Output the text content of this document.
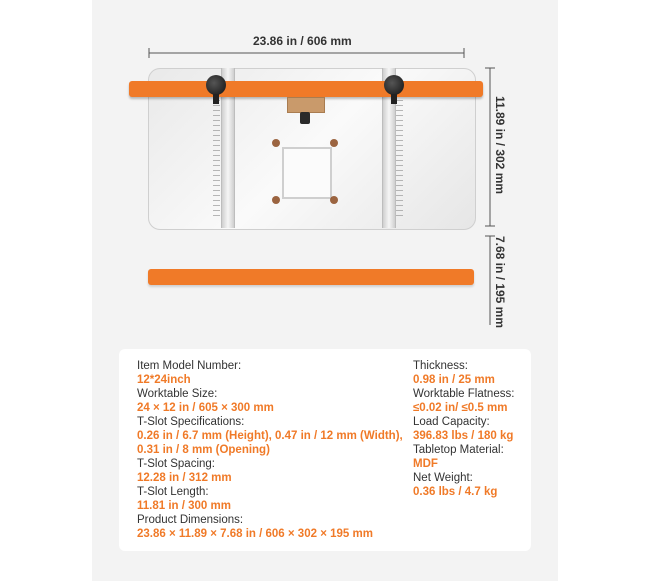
23.86 in / 606 mm
11.89 in / 302 mm
7.68 in / 195 mm
Item Model Number:
12*24inch
Worktable Size:
24 × 12 in / 605 × 300 mm
T-Slot Specifications:
0.26 in / 6.7 mm (Height), 0.47 in / 12 mm (Width),
0.31 in / 8 mm (Opening)
T-Slot Spacing:
12.28 in / 312 mm
T-Slot Length:
11.81 in / 300 mm
Product Dimensions:
23.86 × 11.89 × 7.68 in / 606 × 302 × 195 mm
Thickness:
0.98 in / 25 mm
Worktable Flatness:
≤0.02 in/ ≤0.5 mm
Load Capacity:
396.83 lbs / 180 kg
Tabletop Material:
MDF
Net Weight:
0.36 lbs / 4.7 kg
